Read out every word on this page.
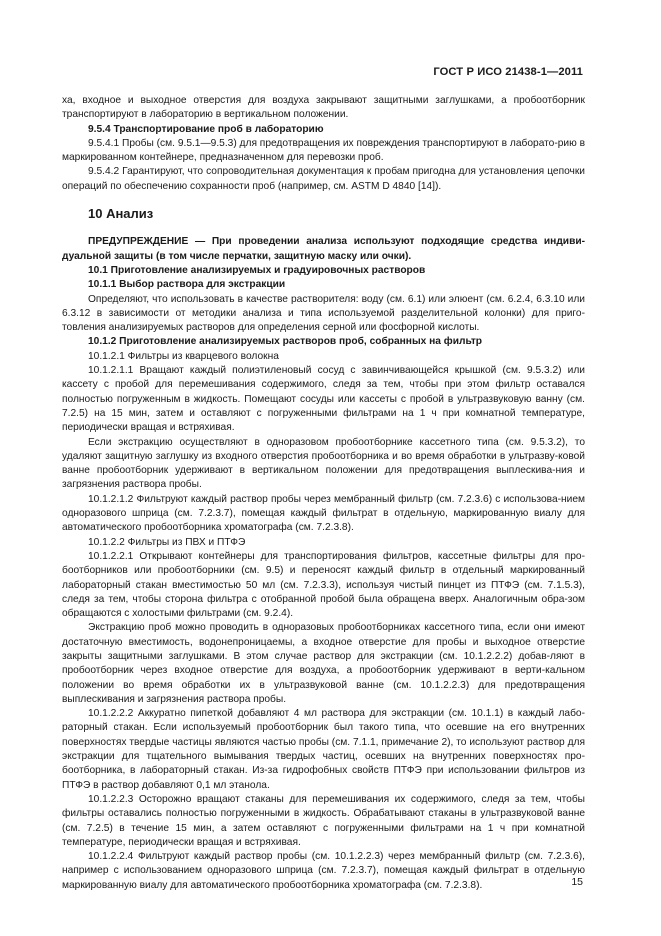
ГОСТ Р ИСО 21438-1—2011

ха, входное и выходное отверстия для воздуха закрывают защитными заглушками, а пробоотборник транспортируют в лабораторию в вертикальном положении.

9.5.4 Транспортирование проб в лабораторию

9.5.4.1 Пробы (см. 9.5.1—9.5.3) для предотвращения их повреждения транспортируют в лаборато-рию в маркированном контейнере, предназначенном для перевозки проб.

9.5.4.2 Гарантируют, что сопроводительная документация к пробам пригодна для установления цепочки операций по обеспечению сохранности проб (например, см. ASTM D 4840 [14]).

10 Анализ

ПРЕДУПРЕЖДЕНИЕ — При проведении анализа используют подходящие средства индиви-дуальной защиты (в том числе перчатки, защитную маску или очки).

10.1 Приготовление анализируемых и градуировочных растворов

10.1.1 Выбор раствора для экстракции

Определяют, что использовать в качестве растворителя: воду (см. 6.1) или элюент (см. 6.2.4, 6.3.10 или 6.3.12 в зависимости от методики анализа и типа используемой разделительной колонки) для приго-товления анализируемых растворов для определения серной или фосфорной кислоты.

10.1.2 Приготовление анализируемых растворов проб, собранных на фильтр

10.1.2.1 Фильтры из кварцевого волокна

10.1.2.1.1 Вращают каждый полиэтиленовый сосуд с завинчивающейся крышкой (см. 9.5.3.2) или кассету с пробой для перемешивания содержимого, следя за тем, чтобы при этом фильтр оставался полностью погруженным в жидкость. Помещают сосуды или кассеты с пробой в ультразвуковую ванну (см. 7.2.5) на 15 мин, затем и оставляют с погруженными фильтрами на 1 ч при комнатной температуре, периодически вращая и встряхивая.

Если экстракцию осуществляют в одноразовом пробоотборнике кассетного типа (см. 9.5.3.2), то удаляют защитную заглушку из входного отверстия пробоотборника и во время обработки в ультразву-ковой ванне пробоотборник удерживают в вертикальном положении для предотвращения выплескива-ния и загрязнения раствора пробы.

10.1.2.1.2 Фильтруют каждый раствор пробы через мембранный фильтр (см. 7.2.3.6) с использова-нием одноразового шприца (см. 7.2.3.7), помещая каждый фильтрат в отдельную, маркированную виалу для автоматического пробоотборника хроматографа (см. 7.2.3.8).

10.1.2.2 Фильтры из ПВХ и ПТФЭ

10.1.2.2.1 Открывают контейнеры для транспортирования фильтров, кассетные фильтры для про-боотборников или пробоотборники (см. 9.5) и переносят каждый фильтр в отдельный маркированный лабораторный стакан вместимостью 50 мл (см. 7.2.3.3), используя чистый пинцет из ПТФЭ (см. 7.1.5.3), следя за тем, чтобы сторона фильтра с отобранной пробой была обращена вверх. Аналогичным обра-зом обращаются с холостыми фильтрами (см. 9.2.4).

Экстракцию проб можно проводить в одноразовых пробоотборниках кассетного типа, если они имеют достаточную вместимость, водонепроницаемы, а входное отверстие для пробы и выходное отверстие закрыты защитными заглушками. В этом случае раствор для экстракции (см. 10.1.2.2.2) добав-ляют в пробоотборник через входное отверстие для воздуха, а пробоотборник удерживают в верти-кальном положении во время обработки их в ультразвуковой ванне (см. 10.1.2.2.3) для предотвращения выплескивания и загрязнения раствора пробы.

10.1.2.2.2 Аккуратно пипеткой добавляют 4 мл раствора для экстракции (см. 10.1.1) в каждый лабо-раторный стакан. Если используемый пробоотборник был такого типа, что осевшие на его внутренних поверхностях твердые частицы являются частью пробы (см. 7.1.1, примечание 2), то используют раствор для экстракции для тщательного вымывания твердых частиц, осевших на внутренних поверхностях про-боотборника, в лабораторный стакан. Из-за гидрофобных свойств ПТФЭ при использовании фильтров из ПТФЭ в раствор добавляют 0,1 мл этанола.

10.1.2.2.3 Осторожно вращают стаканы для перемешивания их содержимого, следя за тем, чтобы фильтры оставались полностью погруженными в жидкость. Обрабатывают стаканы в ультразвуковой ванне (см. 7.2.5) в течение 15 мин, а затем оставляют с погруженными фильтрами на 1 ч при комнатной температуре, периодически вращая и встряхивая.

10.1.2.2.4 Фильтруют каждый раствор пробы (см. 10.1.2.2.3) через мембранный фильтр (см. 7.2.3.6), например с использованием одноразового шприца (см. 7.2.3.7), помещая каждый фильтрат в отдельную маркированную виалу для автоматического пробоотборника хроматографа (см. 7.2.3.8).	15
